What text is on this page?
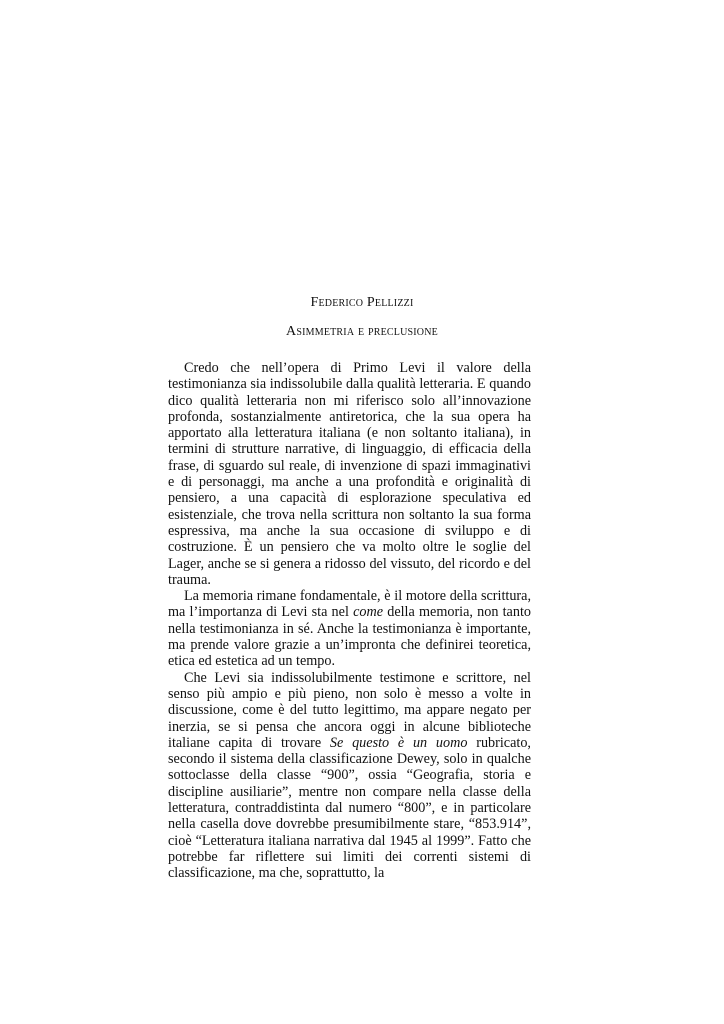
Federico Pellizzi
Asimmetria e preclusione

Credo che nell’opera di Primo Levi il valore della testimonianza sia indissolubile dalla qualità letteraria. E quando dico qualità letteraria non mi riferisco solo all’innovazione profonda, sostanzialmente antiretorica, che la sua opera ha apportato alla letteratura italiana (e non soltanto italiana), in termini di strutture narrative, di linguaggio, di efficacia della frase, di sguardo sul reale, di invenzione di spazi immaginativi e di personaggi, ma anche a una profondità e originalità di pensiero, a una capacità di esplorazione speculativa ed esistenziale, che trova nella scrittura non soltanto la sua forma espressiva, ma anche la sua occasione di sviluppo e di costruzione. È un pensiero che va molto oltre le soglie del Lager, anche se si genera a ridosso del vissuto, del ricordo e del trauma.

La memoria rimane fondamentale, è il motore della scrittura, ma l’importanza di Levi sta nel come della memoria, non tanto nella testimonianza in sé. Anche la testimonianza è importante, ma prende valore grazie a un’impronta che definirei teoretica, etica ed estetica ad un tempo.

Che Levi sia indissolubilmente testimone e scrittore, nel senso più ampio e più pieno, non solo è messo a volte in discussione, come è del tutto legittimo, ma appare negato per inerzia, se si pensa che ancora oggi in alcune biblioteche italiane capita di trovare Se questo è un uomo rubricato, secondo il sistema della classificazione Dewey, solo in qualche sottoclasse della classe “900”, ossia “Geografia, storia e discipline ausiliarie”, mentre non compare nella classe della letteratura, contraddistinta dal numero “800”, e in particolare nella casella dove dovrebbe presumibilmente stare, “853.914”, cioè “Letteratura italiana narrativa dal 1945 al 1999”. Fatto che potrebbe far riflettere sui limiti dei correnti sistemi di classificazione, ma che, soprattutto, la
